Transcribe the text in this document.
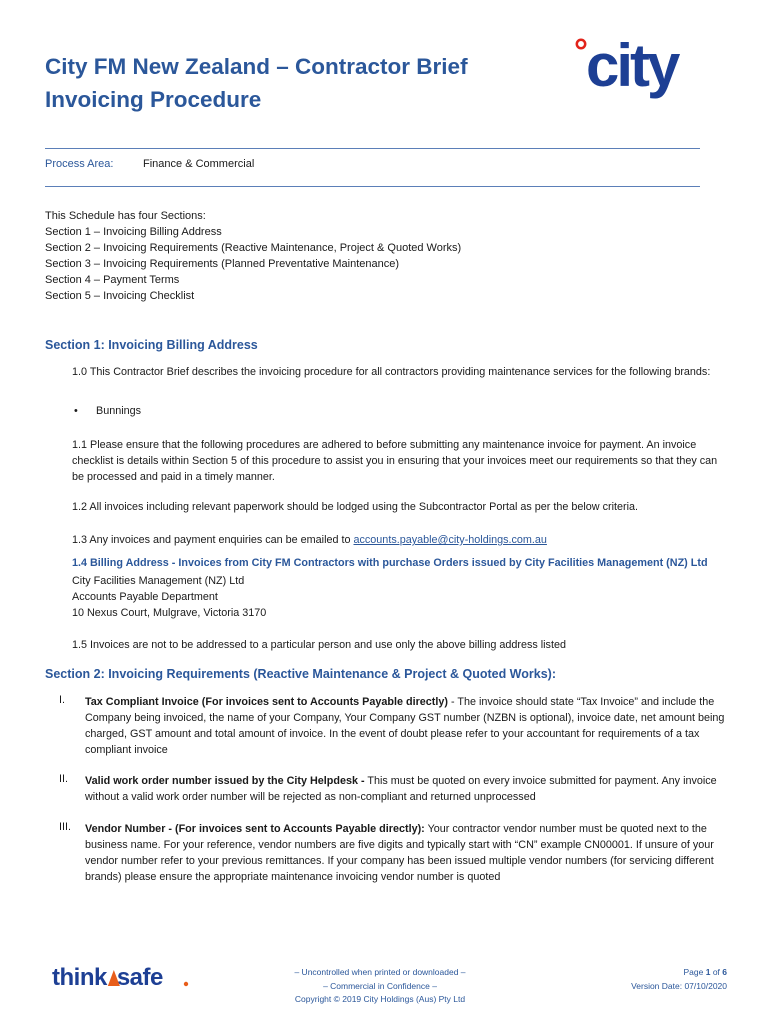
City FM New Zealand – Contractor Brief
Invoicing Procedure
city
Process Area:	Finance & Commercial
This Schedule has four Sections:
Section 1 – Invoicing Billing Address
Section 2 – Invoicing Requirements (Reactive Maintenance, Project & Quoted Works)
Section 3 – Invoicing Requirements (Planned Preventative Maintenance)
Section 4 – Payment Terms
Section 5 – Invoicing Checklist
Section 1: Invoicing Billing Address
1.0 This Contractor Brief describes the invoicing procedure for all contractors providing maintenance services for the following brands:
• Bunnings
1.1 Please ensure that the following procedures are adhered to before submitting any maintenance invoice for payment. An invoice checklist is details within Section 5 of this procedure to assist you in ensuring that your invoices meet our requirements so that they can be processed and paid in a timely manner.
1.2 All invoices including relevant paperwork should be lodged using the Subcontractor Portal as per the below criteria.
1.3 Any invoices and payment enquiries can be emailed to accounts.payable@city-holdings.com.au
1.4 Billing Address - Invoices from City FM Contractors with purchase Orders issued by City Facilities Management (NZ) Ltd
City Facilities Management (NZ) Ltd
Accounts Payable Department
10 Nexus Court, Mulgrave, Victoria 3170
1.5 Invoices are not to be addressed to a particular person and use only the above billing address listed
Section 2: Invoicing Requirements (Reactive Maintenance & Project & Quoted Works):
I. Tax Compliant Invoice (For invoices sent to Accounts Payable directly) - The invoice should state “Tax Invoice” and include the Company being invoiced, the name of your Company, Your Company GST number (NZBN is optional), invoice date, net amount being charged, GST amount and total amount of invoice. In the event of doubt please refer to your accountant for requirements of a tax compliant invoice
II. Valid work order number issued by the City Helpdesk - This must be quoted on every invoice submitted for payment. Any invoice without a valid work order number will be rejected as non-compliant and returned unprocessed
III. Vendor Number - (For invoices sent to Accounts Payable directly): Your contractor vendor number must be quoted next to the business name. For your reference, vendor numbers are five digits and typically start with “CN” example CN00001. If unsure of your vendor number refer to your previous remittances. If your company has been issued multiple vendor numbers (for servicing different brands) please ensure the appropriate maintenance invoicing vendor number is quoted
think safe	– Uncontrolled when printed or downloaded –
– Commercial in Confidence –
Copyright © 2019 City Holdings (Aus) Pty Ltd
Page 1 of 6
Version Date: 07/10/2020
